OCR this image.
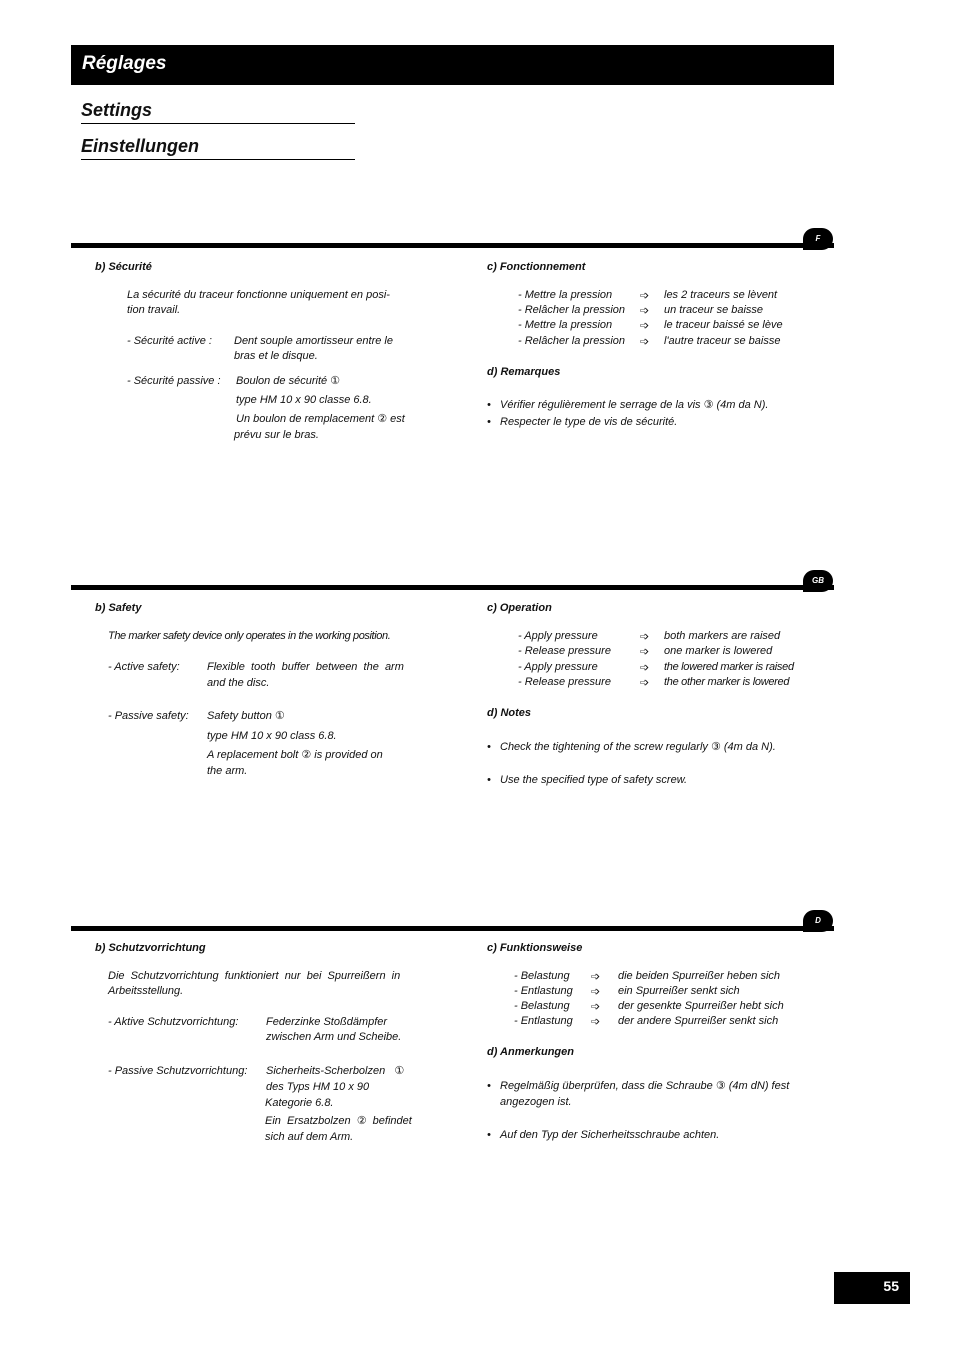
Réglages
Settings
Einstellungen
F
b) Sécurité
La sécurité du traceur fonctionne uniquement en posi-
tion travail.
- Sécurité active : Dent souple amortisseur entre le
bras et le disque.
- Sécurité passive : Boulon de sécurité ①
type HM 10 x 90 classe 6.8.
Un boulon de remplacement ② est
prévu sur le bras.
c) Fonctionnement
- Mettre la pression	➩ les 2 traceurs se lèvent
- Relâcher la pression ➩ un traceur se baisse
- Mettre la pression	➩ le traceur baissé se lève
- Relâcher la pression ➩ l'autre traceur se baisse
d) Remarques
• Vérifier régulièrement le serrage de la vis ③ (4m da N).
• Respecter le type de vis de sécurité.
GB
b) Safety
The marker safety device only operates in the working position.
- Active safety: Flexible  tooth  buffer  between  the  arm
and the disc.
- Passive safety: Safety button ①
type HM 10 x 90 class 6.8.
A replacement bolt ② is provided on
the arm.
c) Operation
- Apply pressure	➩ both markers are raised
- Release pressure	➩ one marker is lowered
- Apply pressure	➩ the lowered marker is raised
- Release pressure	➩ the other marker is lowered
d) Notes
• Check the tightening of the screw regularly ③ (4m da N).
• Use the specified type of safety screw.
D
b) Schutzvorrichtung
Die  Schutzvorrichtung  funktioniert  nur  bei  Spurreißern  in
Arbeitsstellung.
- Aktive Schutzvorrichtung:	Federzinke Stoßdämpfer
zwischen Arm und Scheibe.
- Passive Schutzvorrichtung: Sicherheits-Scherbolzen   ①
des Typs HM 10 x 90
Kategorie 6.8.
Ein  Ersatzbolzen  ②  befindet
sich auf dem Arm.
c) Funktionsweise
- Belastung ➩ die beiden Spurreißer heben sich
- Entlastung ➩ ein Spurreißer senkt sich
- Belastung ➩ der gesenkte Spurreißer hebt sich
- Entlastung ➩ der andere Spurreißer senkt sich
d) Anmerkungen
• Regelmäßig überprüfen, dass die Schraube ③ (4m dN) fest
angezogen ist.
• Auf den Typ der Sicherheitsschraube achten.
55
